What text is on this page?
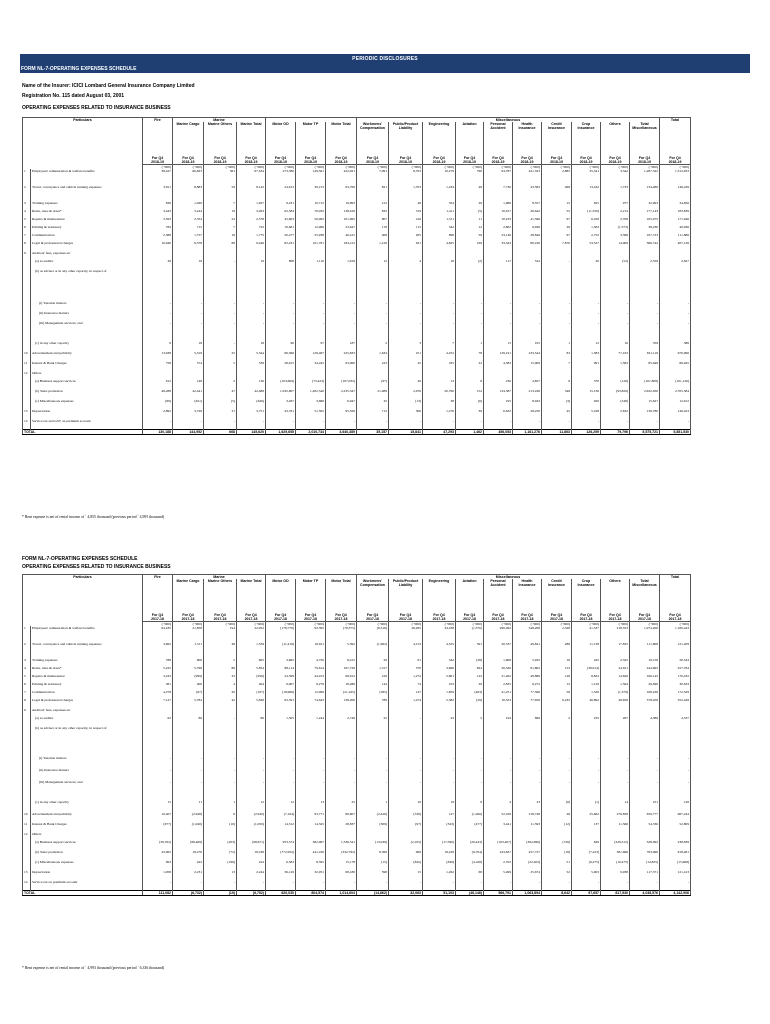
PERIODIC DISCLOSURES
FORM NL-7-OPERATING EXPENSES SCHEDULE
Name of the Insurer: ICICI Lombard General Insurance Company Limited
Registration No. 115 dated August 03, 2001
OPERATING EXPENSES RELATED TO INSURANCE BUSINESS
Particulars		Fire	Marine						Miscellaneous										Total
			Marine Cargo	Marine Others	Marine Total	Motor OD	Motor TP	Motor Total	Workmens' Compensation	Public/Product Liability	Engineering	Aviation	Personal Accident	Health Insurance	Credit Insurance	Crop Insurance	Others	Total Miscellaneous	
		For Q4	For Q4	For Q4	For Q4	For Q4	For Q4	For Q4	For Q4	For Q4	For Q4	For Q4	For Q4	For Q4	For Q4	For Q4	For Q4	For Q4	For Q4
		2018-19	2018-19	2018-19	2018-19	2018-19	2018-19	2018-19	2018-19	2018-19	2018-19	2018-19	2018-19	2018-19	2018-19	2018-19	2018-19	2018-19	2018-19
		(`'000)	(`'000)	(`'000)	(`'000)	(`'000)	(`'000)	(`'000)	(`'000)	(`'000)	(`'000)	(`'000)	(`'000)	(`'000)	(`'000)	(`'000)	(`'000)	(`'000)	(`'000)
1	Employees' remuneration & welfare benefits	38,427	66,823	361	67,184	273,360	149,561	422,921	7,091	8,703	10,279	790	94,787	421,323	2,885	35,341	3,342	1,287,322	1,312,933
2	Travel, conveyance and vehicle running expenses	3,811	8,883	59	8,142	24,613	39,153	63,766	821	1,703	1,184	48	7,730	43,583	468	13,432	1,733	134,486	146,439
3	Training expenses	836	1,020	7	1,027	9,181	10,712	19,893	212	48	354	26	1,986	8,557	15	825	977	32,993	34,856
4	Rents, rates & taxes*	3,443	3,244	19	3,263	62,584	76,032	138,616	832	319	1,411	(5)	10,617	26,642	55	(11,550)	2,214	177,143	183,839
5	Repairs & maintenance	3,593	2,354	24	2,378	45,603	56,092	101,695	807	416	1,511	11	10,233	41,596	67	6,458	2,708	165,975	171,946
6	Printing & stationery	784	715	7	722	10,681	12,966	23,647	178	115	342	12	2,802	9,928	26	1,363	(1,573)	38,230	40,936
7	Communication	2,388	1,757	18	1,775	20,477	25,938	46,415	408	205	898	59	23,146	28,849	67	2,752	3,368	107,723	111,886
8	Legal & professional charges	10,940	9,378	88	9,446	82,431	101,781	184,212	1,216	631	4,825	169	33,343	86,160	7,870	53,527	14,909	386,742	407,128
9	Auditors' fees, expenses etc																		
	(a) as auditor	49	19	-	19	808	1,110	1,918	12	4	18	(2)	117	524	-	20	(52)	2,559	2,627
	(b) as adviser or in any other capacity, in respect of																		
	(i) Taxation matters	-	-	-	-	-	-	-	-	-	-	-	-	-	-	-	-	-	-
	(ii) Insurance matters	-	-	-	-	-	-	-	-	-	-	-	-	-	-	-	-	-	-
	(iii) Management services; and	-	-	-	-	-	-	-	-	-	-	-	-	-	-	-	-	-	-
	(c) in any other capacity	9	18	-	18	90	97	187	2	3	7	1	15	105	1	12	16	359	386
10	Advertisement and publicity	13,638	5,319	25	5,344	96,366	129,467	225,833	1,634	251	4,252	78	129,191	233,544	83	1,383	77,163	631,116	670,096
11	Interest & Bank Charges	758	574	5	539	28,615	34,445	63,060	223	45	325	22	4,383	15,009	7	991	1,583	85,648	86,945
12	Others																		
	(a) Business support services	612	148	2	130	(103,609)	(73,423)	(107,032)	(97)	49	13	8	236	4,857	9	370	(126)	(101,808)	(101,126)
	(b) Sales promotion	48,288	42,441	47	42,488	1,032,807	1,202,540	2,235,347	21,089	2,976	20,760	152	134,387	213,436	348	15,136	(93,829)	2,632,050	2,705,384
	(c) Miscellaneous expenses	(89)	(621)	(5)	(626)	3,267	3,680	6,947	45	(13)	38	(6)	195	8,043	(3)	929	(548)	15,627	12,912
13	Depreciation	2,892	3,728	31	3,751	43,761	51,565	95,326	712	306	1,270	39	6,632	28,250	45	5,168	2,632	139,780	146,423
14	Service tax and GST on premium account	-	-	-	-	-	-	-	-	-	-	-	-	-	-	-	-	-	-
TOTAL		130,188	144,952	668	145,620	1,629,655	2,010,734	3,640,389	35,157	15,841	47,293	1,462	456,053	1,161,276	11,863	126,259	79,796	5,575,721	5,851,530
* Rent expense is net of rental income of ` 4,855 thousand (previous period ` 4,995 thousand)
FORM NL-7-OPERATING EXPENSES SCHEDULE
OPERATING EXPENSES RELATED TO INSURANCE BUSINESS
Particulars		Fire	Marine						Miscellaneous										Total
			Marine Cargo	Marine Others	Marine Total	Motor OD	Motor TP	Motor Total	Workmens' Compensation	Public/Product Liability	Engineering	Aviation	Personal Accident	Health Insurance	Credit Insurance	Crop Insurance	Others	Total Miscellaneous	
		For Q4	For Q4	For Q4	For Q4	For Q4	For Q4	For Q4	For Q4	For Q4	For Q4	For Q4	For Q4	For Q4	For Q4	For Q4	For Q4	For Q4	For Q4
		2017-18	2017-18	2017-18	2017-18	2017-18	2017-18	2017-18	2017-18	2017-18	2017-18	2017-18	2017-18	2017-18	2017-18	2017-18	2017-18	2017-18	2017-18
		(`'000)	(`'000)	(`'000)	(`'000)	(`'000)	(`'000)	(`'000)	(`'000)	(`'000)	(`'000)	(`'000)	(`'000)	(`'000)	(`'000)	(`'000)	(`'000)	(`'000)	(`'000)
1	Employees' remuneration & welfare benefits	64,185	21,858	194	22,052	(178,770)	92,395	(78,375)	(8,516)	28,265	34,188	(1,570)	290,492	548,208	2,328	41,537	218,553	1,074,206	1,160,443
2	Travel, conveyance and vehicle running expenses	3,962	1,511	48	1,559	(11,419)	16,811	5,392	(1,692)	4,153	4,555	591	20,537	49,841	288	11,138	17,825	111,808	121,209
3	Training expenses	788	600	5	605	3,665	4,750	8,415	29	81	342	(28)	1,608	5,932	10	445	2,325	19,159	20,544
4	Rents, rates & taxes*	5,225	5,768	86	5,854	88,114	79,614	167,728	1,317	370	3,666	824	26,326	61,802	153	(38,914)	24,811	244,695	257,764
5	Repairs & maintenance	3,243	(999)	43	(956)	24,599	44,013	68,612	416	1,272	2,801	122	21,262	48,889	128	8,824	14,626	166,145	170,432
6	Printing & stationery	381	400	4	404	9,007	9,279	18,286	144	74	253	29	2,835	6,272	12	1,129	1,564	29,840	30,633
7	Communication	4,278	(67)	20	(107)	(18,966)	12,099	(21,165)	(585)	147	1,859	(463)	41,251	77,560	56	1,528	(1,379)	168,220	172,329
8	Legal & professional charges	7,127	5,784	42	5,826	63,591	74,643	138,206	789	1,474	5,382	(29)	16,523	77,656	6,185	46,892	48,658	378,456	352,449
9	Auditors' fees, expenses etc																		
	(a) as auditor	62	86	-	86	1,505	1,244	2,749	25	-	43	5	194	869	2	235	267	4,389	4,537
	(b) as adviser or in any other capacity, in respect of																		
	(i) Taxation matters	-	-	-	-	-	-	-	-	-	-	-	-	-	-	-	-	-	-
	(ii) Insurance matters	-	-	-	-	-	-	-	-	-	-	-	-	-	-	-	-	-	-
	(iii) Management services; and	-	-	-	-	-	-	-	-	-	-	-	-	-	-	-	-	-	-
	(c) in any other capacity	15	11	1	12	12	13	25	1	10	19	9	4	23	(0)	(1)	14	101	128
10	Advertisement and publicity	10,407	(2,948)	8	(2,940)	(7,164)	93,771	86,607	(2,426)	(530)	127	(1,266)	52,169	218,748	28	25,662	276,858	659,777	667,244
11	Interest & Bank Charges	(677)	(1,040)	(10)	(1,050)	14,512	14,325	28,837	(309)	(97)	(343)	(477)	3,441	11,593	(12)	137	11,566	54,536	52,809
12	Others																		
	(a) Business support services	(39,762)	(98,469)	(203)	(98,671)	953,574	382,967	1,336,541	(13,039)	(2,105)	(17,590)	(20,443)	(163,407)	(392,696)	(726)	849	(228,312)	328,092	238,839
	(b) Sales promotion	43,065	18,270	(72)	18,198	(772,952)	441,160	(332,792)	8,399	969	18,228	(9,704)	243,827	457,727	(18)	(7,223)	381,666	763,990	818,481
	(c) Miscellaneous expenses	993	422	(199)	224	6,583	8,595	15,178	(15)	(845)	(849)	(4,108)	2,702	(22,203)	51	(6,275)	(10,475)	(14,825)	(15,668)
13	Depreciation	1,958	2,231	13	2,244	36,129	32,051	68,180	598	15	1,262	68	5,499	25,674	52	5,003	9,938	117,371	121,413
14	Service tax on premium account	-	-	-	-	-	-	-	-	-	-	-	-	-	-	-	-	-	-
TOTAL		111,082	(6,732)	(19)	(6,752)	620,030	804,574	1,014,604	(14,662)	32,063	51,103	(46,148)	566,791	1,063,894	8,642	97,657	817,530	4,038,576	4,142,906
* Rent expense is net of rental income of ` 4,993 thousand (previous period ` 6,336 thousand)
